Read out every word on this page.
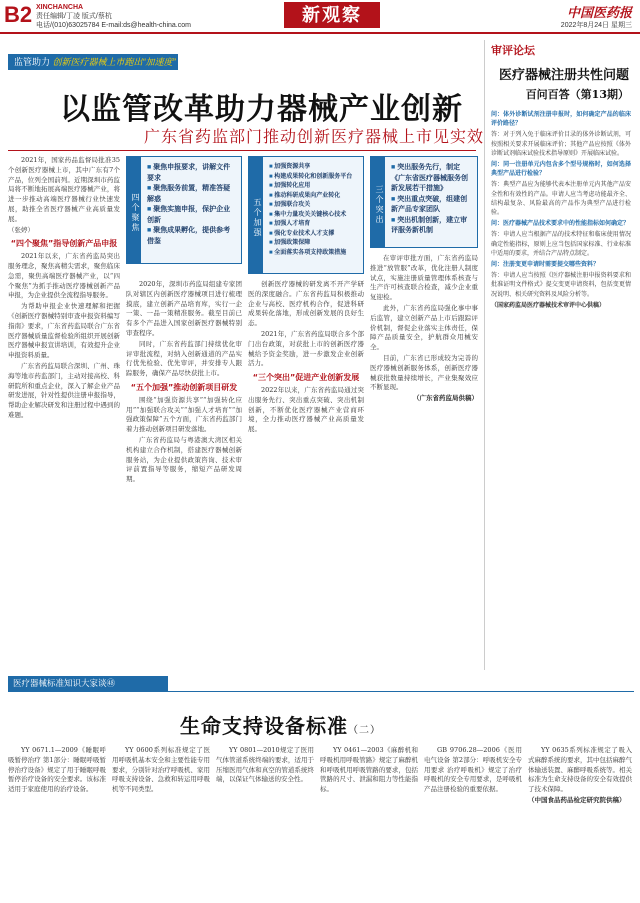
B2 XINCHANCHA
责任编辑/丁凌 版式/蔡杭
电话/(010)63025784 E-mail:ds@health-china.com
新观察	中国医药报
2022年8月24日 星期三
监管助力 创新医疗器械上市跑出“加速度”
以监管改革助力器械产业创新
广东省药监部门推动创新医疗器械上市见实效

2021年，国家药品监督局批准35个创新医疗器械上市，其中广东有7个产品，位列全国前列。近期深圳市药监局将不断地拓展高端医疗器械产业，将进一步推动高端医疗器械行业快速发展，助推全省医疗器械产业高质量发展。

（张婷）

“四个聚焦”指导创新产品申报

2021年以来，广东省药监局突出服务理念，聚焦高精尖需求，聚焦临床急需，聚焦高端医疗器械产业，以“四个聚焦”为抓手推动医疗器械创新产品申报，为企业提供全流程指导服务。

为帮助申报企业快速理解和把握《创新医疗器械特别审查申报资料编写指南》要求，广东省药监局联合广东省医疗器械质量监督检验所组织开展创新医疗器械申报宣讲培训，有效提升企业申报资料质量。

广东省药监局联合深圳、广州、珠海等地市药监部门，主动对接高校、科研院所和重点企业，深入了解企业产品研发进展，针对性提供注册申报指导，帮助企业解决研发和注册过程中遇到的难题。

四个聚焦
■ 聚焦申报要求，讲解文件要求
■ 聚焦服务前置，精准答疑解惑
■ 聚焦实施申报，保护企业创新
■ 聚焦成果孵化，提供参考借鉴
五个加强
■ 加强资源共享
■ 构建成果转化和创新服务平台
■ 加强转化应用
■ 推动科研成果向产业转化
■ 加强联合攻关
■ 集中力量攻关关键核心技术
■ 加强人才培育
■ 强化专业技术人才支撑
■ 加强政策保障
■ 全面落实各项支持政策措施
三个突出
■ 突出服务先行，制定《广东省医疗器械服务创新发展若干措施》
■ 突出重点突破，组建创新产品专家团队
■ 突出机制创新，建立审评服务新机制

2020年，深圳市药监局组建专家团队对辖区内创新医疗器械项目进行梳理摸底，建立创新产品培育库，实行一企一策、一品一策精准服务。截至目前已有多个产品进入国家创新医疗器械特别审查程序。

同时，广东省药监部门持续优化审评审批流程，对纳入创新通道的产品实行优先检验、优先审评，并安排专人跟踪服务，确保产品尽快获批上市。

“五个加强”推动创新项目研发

围绕“加强资源共享”“加强转化应用”“加强联合攻关”“加强人才培育”“加强政策保障”五个方面，广东省药监部门着力推动创新项目研发落地。

广东省药监局与粤港澳大湾区相关机构建立合作机制，搭建医疗器械创新服务站，为企业提供政策咨询、技术审评前置指导等服务，缩短产品研发周期。

创新医疗器械的研发离不开产学研医的深度融合。广东省药监局积极推动企业与高校、医疗机构合作，促进科研成果转化落地，形成创新发展的良好生态。

2021年，广东省药监局联合多个部门出台政策，对获批上市的创新医疗器械给予资金奖励，进一步激发企业创新活力。

“三个突出”促进产业创新发展

2022年以来，广东省药监局通过突出服务先行、突出重点突破、突出机制创新，不断优化医疗器械产业营商环境，全力推动医疗器械产业高质量发展。

在审评审批方面，广东省药监局推进“放管服”改革，优化注册人制度试点，实施注册质量管理体系核查与生产许可核查联合检查，减少企业重复迎检。

此外，广东省药监局强化事中事后监管，建立创新产品上市后跟踪评价机制，督促企业落实主体责任，保障产品质量安全，护航群众用械安全。

目前，广东省已形成较为完善的医疗器械创新服务体系，创新医疗器械获批数量持续增长，产业集聚效应不断显现。

（广东省药监局供稿）

审评论坛
医疗器械注册共性问题
百问百答（第13期）

问：体外诊断试剂注册申报时，如何确定产品的临床评价路径？

答：对于列入免于临床评价目录的体外诊断试剂，可按照相关要求开展临床评价；其他产品应按照《体外诊断试剂临床试验技术指导原则》开展临床试验。

问：同一注册单元内包含多个型号规格时，如何选择典型产品进行检验？

答：典型产品应为能够代表本注册单元内其他产品安全性和有效性的产品。申请人应当考虑功能最齐全、结构最复杂、风险最高的产品作为典型产品进行检验。

问：医疗器械产品技术要求中的性能指标如何确定？

答：申请人应当根据产品的技术特征和临床使用情况确定性能指标，原则上应当包括国家标准、行业标准中适用的要求，并结合产品特点制定。

问：注册变更申请时需要提交哪些资料？

答：申请人应当按照《医疗器械注册申报资料要求和批准证明文件格式》提交变更申请资料，包括变更情况说明、相关研究资料及风险分析等。

（国家药监局医疗器械技术审评中心供稿）

医疗器械标准知识大家谈㊽
生命支持设备标准（二）

YY 0671.1—2009《睡眠呼吸暂停治疗 第1部分：睡眠呼吸暂停治疗设备》规定了用于睡眠呼吸暂停治疗设备的安全要求。该标准适用于家庭使用的治疗设备。

YY 0600系列标准规定了医用呼吸机基本安全和主要性能专用要求，分别针对治疗呼吸机、家用呼吸支持设备、急救和转运用呼吸机等不同类型。

YY 0801—2010规定了医用气体管道系统终端的要求，适用于压缩医用气体和真空的管道系统终端，以保证气体输送的安全性。

YY 0461—2003《麻醉机和呼吸机用呼吸管路》规定了麻醉机和呼吸机用呼吸管路的要求，包括管路的尺寸、泄漏和阻力等性能指标。

GB 9706.28—2006《医用电气设备 第2部分：呼吸机安全专用要求 治疗呼吸机》规定了治疗呼吸机的安全专用要求，是呼吸机产品注册检验的重要依据。

YY 0635系列标准规定了吸入式麻醉系统的要求，其中包括麻醉气体输送装置、麻醉呼吸系统等。相关标准为生命支持设备的安全有效提供了技术保障。

（中国食品药品检定研究院供稿）
